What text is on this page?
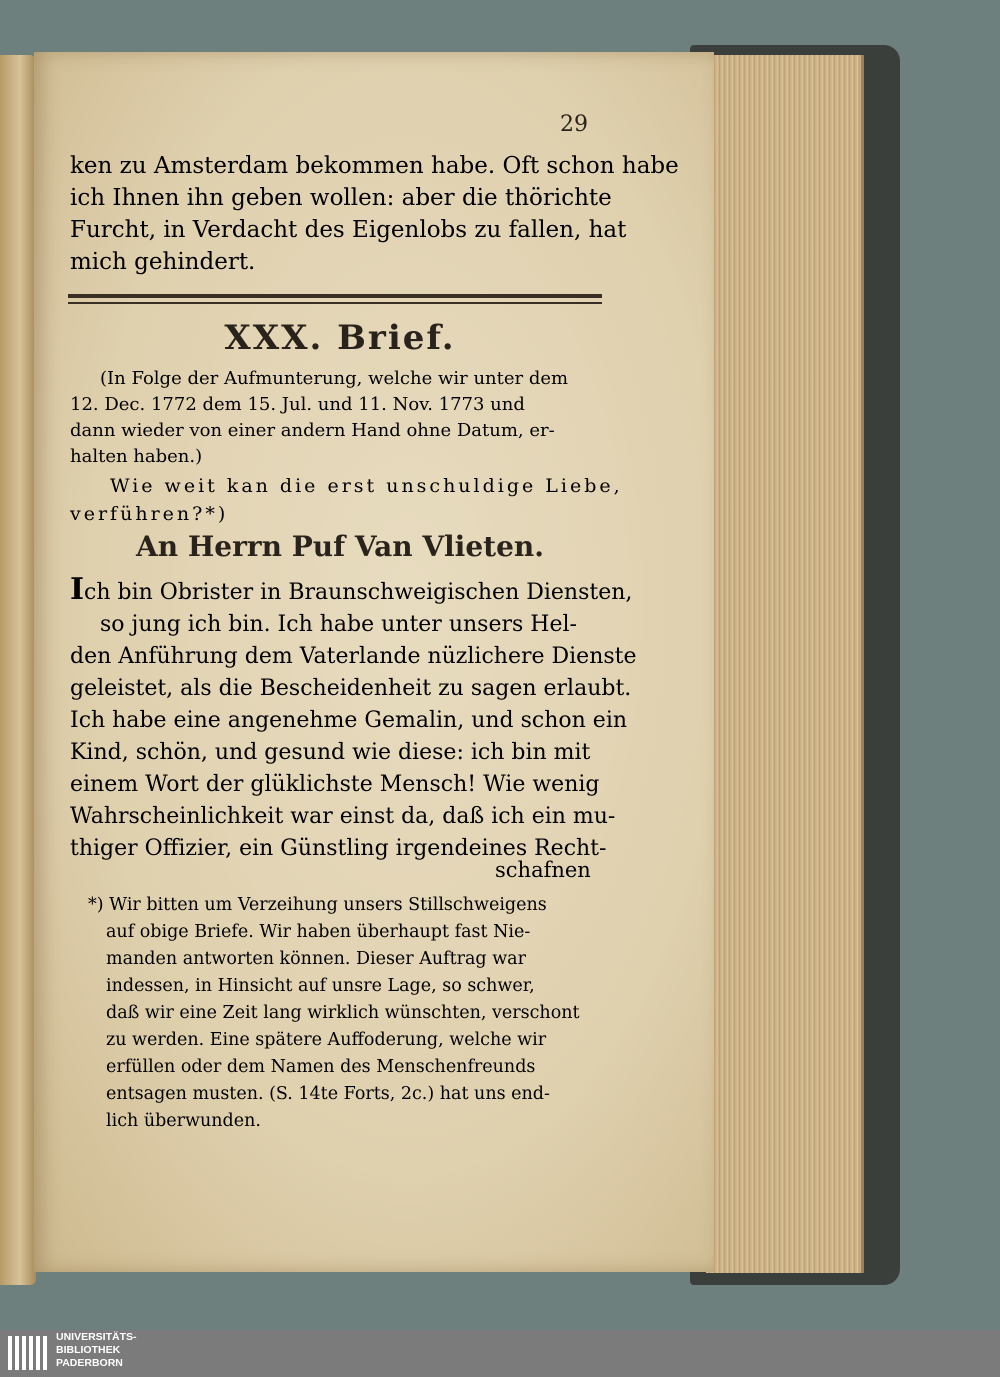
29
ken zu Amsterdam bekommen habe. Oft schon habe
ich Ihnen ihn geben wollen: aber die thörichte
Furcht, in Verdacht des Eigenlobs zu fallen, hat
mich gehindert.
XXX. Brief.
(In Folge der Aufmunterung, welche wir unter dem
12. Dec. 1772 dem 15. Jul. und 11. Nov. 1773 und
dann wieder von einer andern Hand ohne Datum, er-
halten haben.)
Wie weit kan die erst unschuldige Liebe,
verführen?*)
An Herrn Puf Van Vlieten.
Ich bin Obrister in Braunschweigischen Diensten,
so jung ich bin. Ich habe unter unsers Hel-
den Anführung dem Vaterlande nüzlichere Dienste
geleistet, als die Bescheidenheit zu sagen erlaubt.
Ich habe eine angenehme Gemalin, und schon ein
Kind, schön, und gesund wie diese: ich bin mit
einem Wort der glüklichste Mensch! Wie wenig
Wahrscheinlichkeit war einst da, daß ich ein mu-
thiger Offizier, ein Günstling irgendeines Recht-
schafnen
*) Wir bitten um Verzeihung unsers Stillschweigens
auf obige Briefe. Wir haben überhaupt fast Nie-
manden antworten können. Dieser Auftrag war
indessen, in Hinsicht auf unsre Lage, so schwer,
daß wir eine Zeit lang wirklich wünschten, verschont
zu werden. Eine spätere Auffoderung, welche wir
erfüllen oder dem Namen des Menschenfreunds
entsagen musten. (S. 14te Forts, 2c.) hat uns end-
lich überwunden.
UNIVERSITÄTS-
BIBLIOTHEK
PADERBORN
